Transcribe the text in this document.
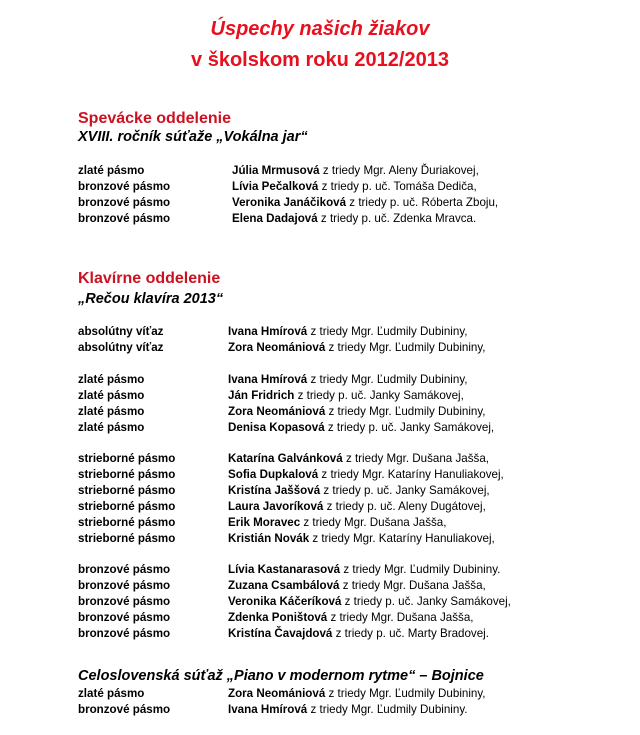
Úspechy našich žiakov
v školskom roku 2012/2013
Spevácke oddelenie
XVIII. ročník súťaže „Vokálna jar“
zlaté pásmo	Júlia Mrmusová z triedy Mgr. Aleny Ďuriakovej,
bronzové pásmo	Lívia Pečalková z triedy p. uč. Tomáša Dediča,
bronzové pásmo	Veronika Janáčiková z triedy p. uč. Róberta Zboju,
bronzové pásmo	Elena Dadajová z triedy p. uč. Zdenka Mravca.
Klavírne oddelenie
„Rečou klavíra 2013“
absolútny víťaz	Ivana Hmírová z triedy Mgr. Ľudmily Dubininy,
absolútny víťaz	Zora Neomániová z triedy Mgr. Ľudmily Dubininy,
zlaté pásmo	Ivana Hmírová z triedy Mgr. Ľudmily Dubininy,
zlaté pásmo	Ján Fridrich z triedy p. uč. Janky Samákovej,
zlaté pásmo	Zora Neomániová z triedy Mgr. Ľudmily Dubininy,
zlaté pásmo	Denisa Kopasová z triedy p. uč. Janky Samákovej,
strieborné pásmo	Katarína Galvánková z triedy Mgr. Dušana Jašša,
strieborné pásmo	Sofia Dupkalová z triedy Mgr. Kataríny Hanuliakovej,
strieborné pásmo	Kristína Jaššová z triedy p. uč. Janky Samákovej,
strieborné pásmo	Laura Javoríková z triedy p. uč. Aleny Dugátovej,
strieborné pásmo	Erik Moravec z triedy Mgr. Dušana Jašša,
strieborné pásmo	Kristián Novák z triedy Mgr. Kataríny Hanuliakovej,
bronzové pásmo	Lívia Kastanarasová z triedy Mgr. Ľudmily Dubininy.
bronzové pásmo	Zuzana Csambálová z triedy Mgr. Dušana Jašša,
bronzové pásmo	Veronika Káčeríková z triedy p. uč. Janky Samákovej,
bronzové pásmo	Zdenka Poništová z triedy Mgr. Dušana Jašša,
bronzové pásmo	Kristína Čavajdová z triedy p. uč. Marty Bradovej.
Celoslovenská súťaž „Piano v modernom rytme“ – Bojnice
zlaté pásmo	Zora Neomániová z triedy Mgr. Ľudmily Dubininy,
bronzové pásmo	Ivana Hmírová z triedy Mgr. Ľudmily Dubininy.
